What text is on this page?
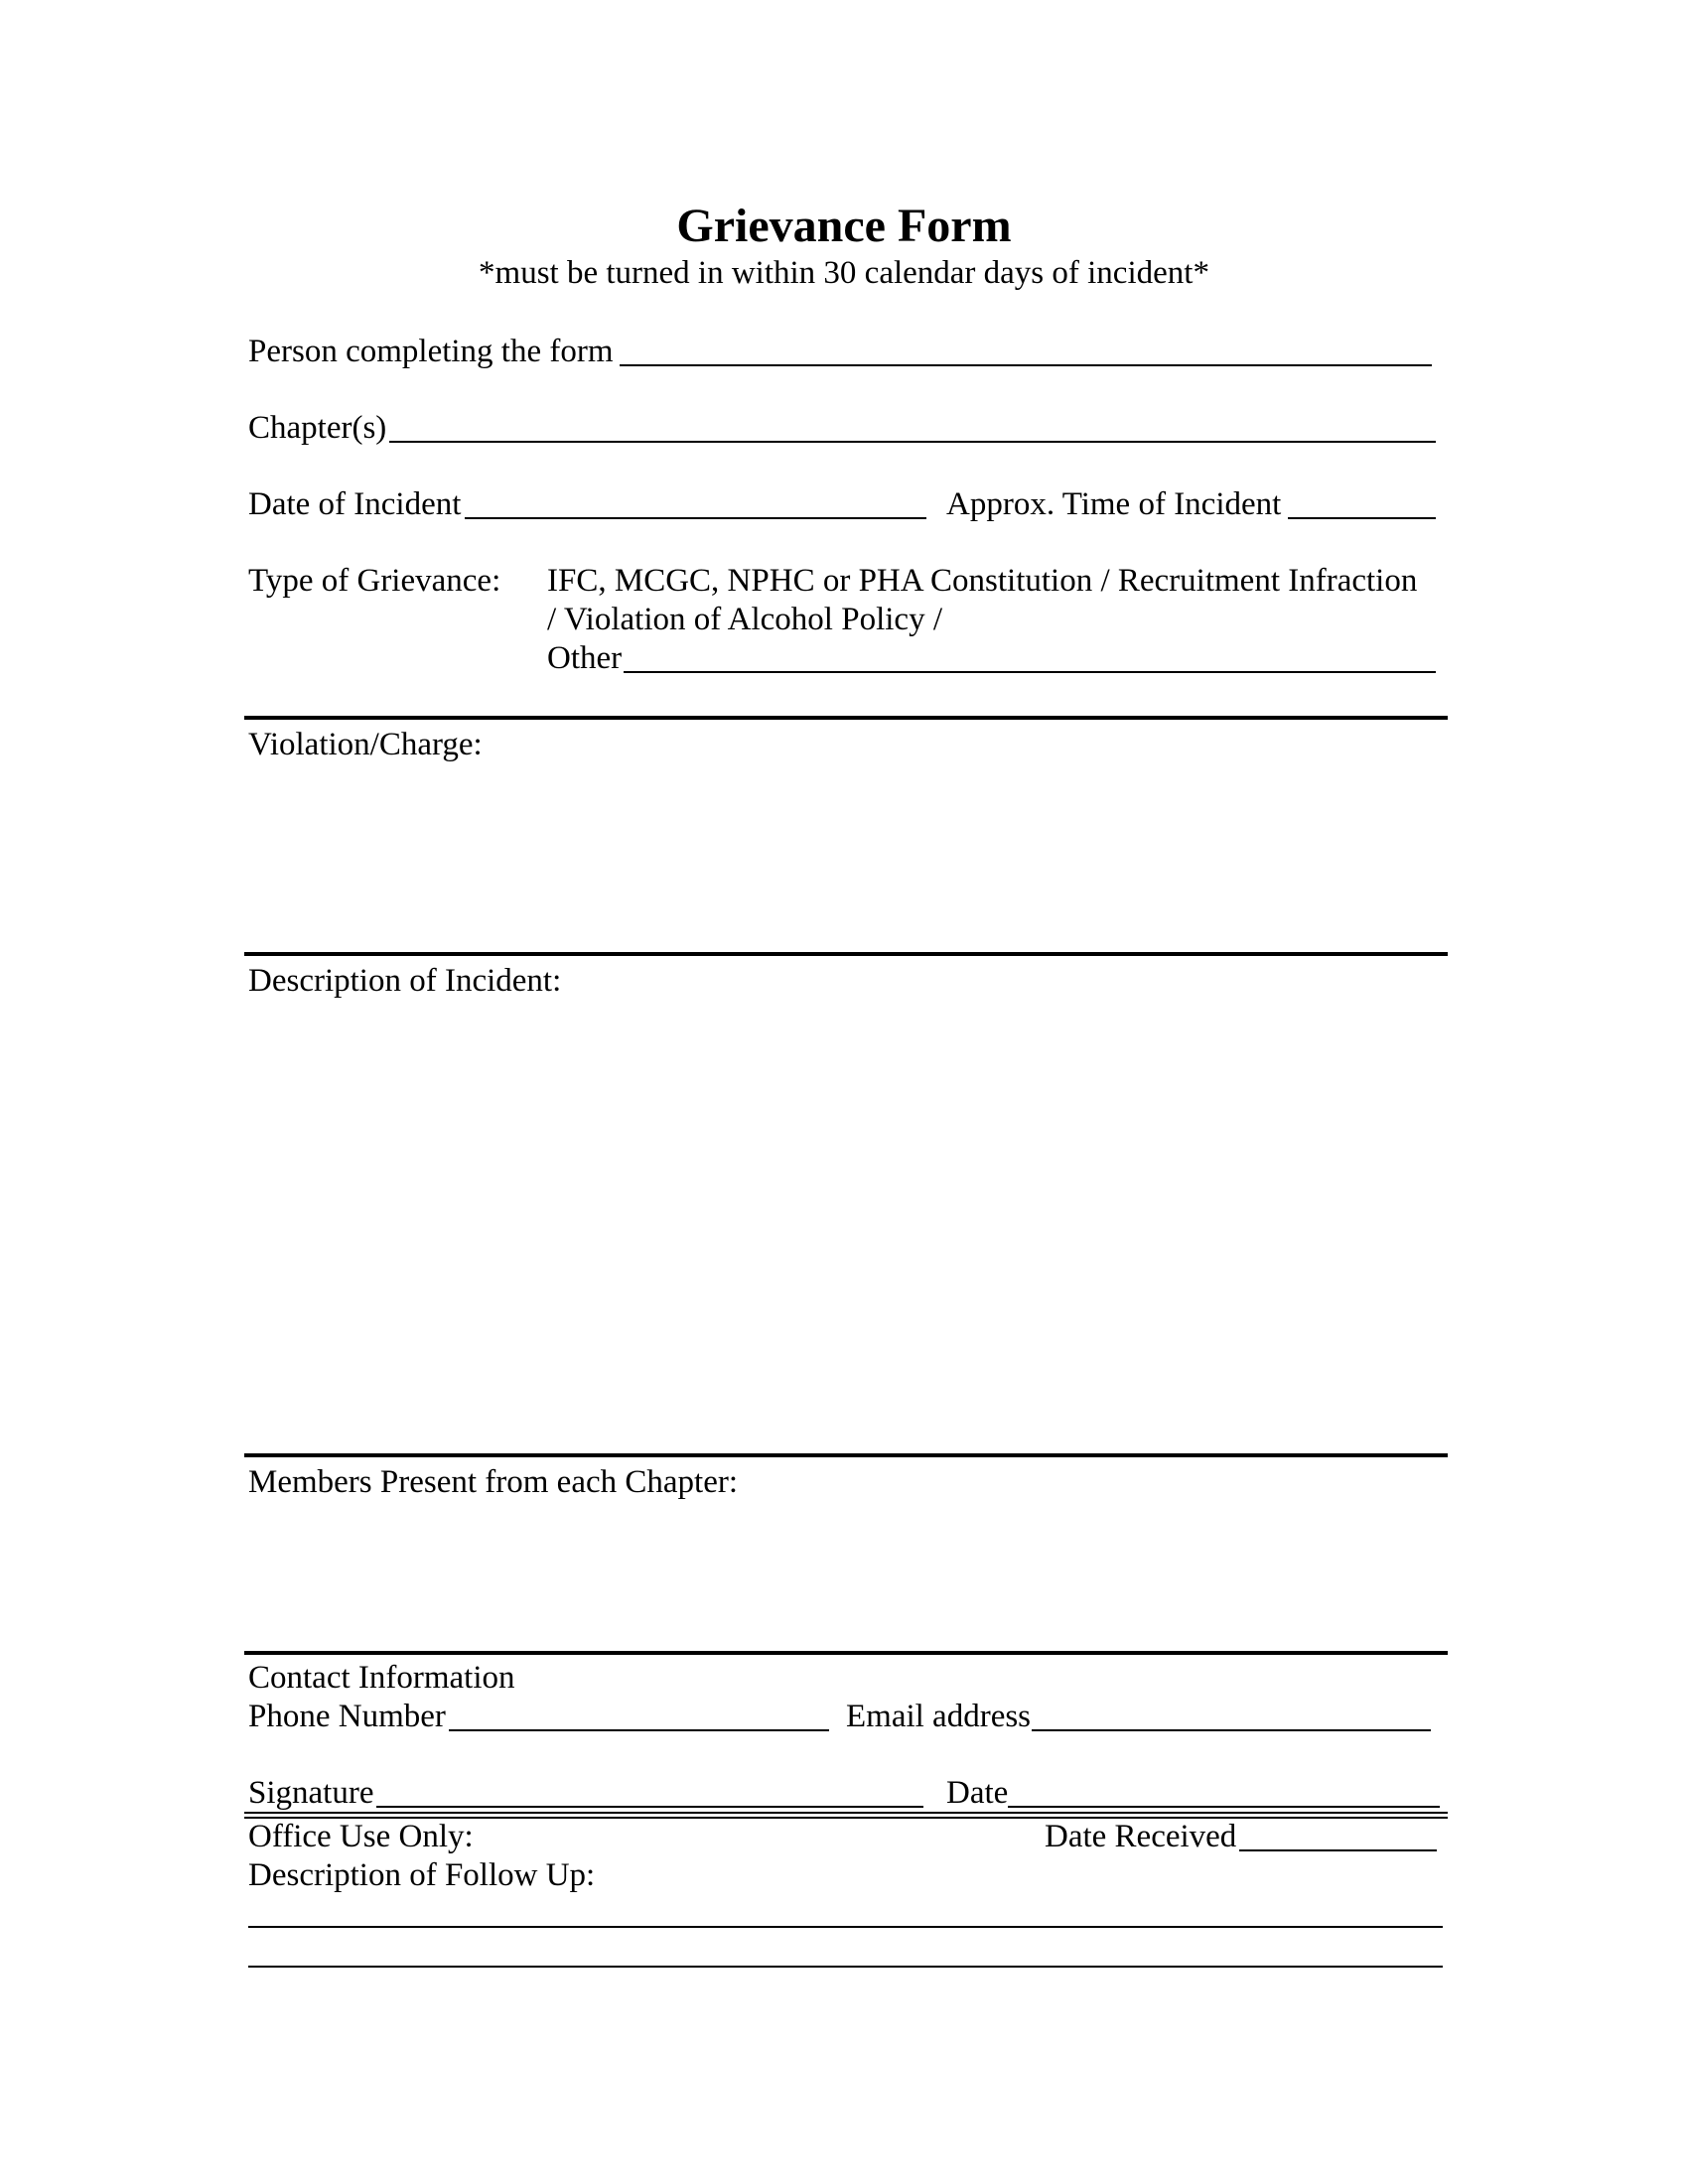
Grievance Form
*must be turned in within 30 calendar days of incident*
Person completing the form
Chapter(s)
Date of Incident	Approx. Time of Incident
Type of Grievance: IFC, MCGC, NPHC or PHA Constitution / Recruitment Infraction
/ Violation of Alcohol Policy /
Other
Violation/Charge:
Description of Incident:
Members Present from each Chapter:
Contact Information
Phone Number	Email address
Signature	Date
Office Use Only:	Date Received
Description of Follow Up:
